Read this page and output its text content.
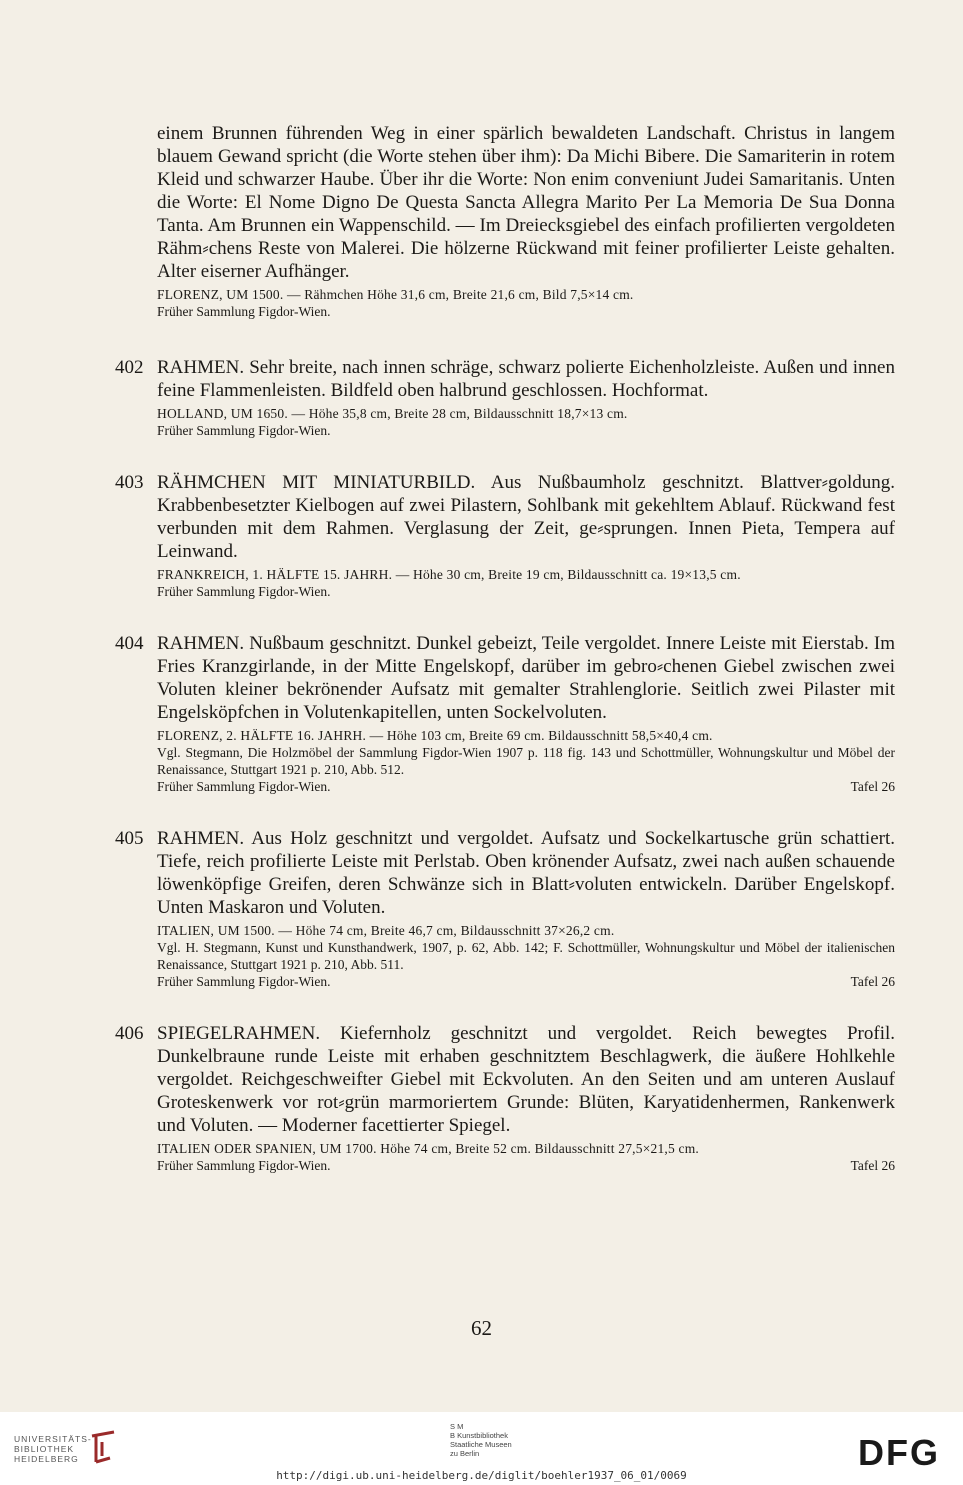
einem Brunnen führenden Weg in einer spärlich bewaldeten Landschaft. Christus in langem blauem Gewand spricht (die Worte stehen über ihm): Da Michi Bibere. Die Samariterin in rotem Kleid und schwarzer Haube. Über ihr die Worte: Non enim conveniunt Judei Samaritanis. Unten die Worte: El Nome Digno De Questa Sancta Allegra Marito Per La Memoria De Sua Donna Tanta. Am Brunnen ein Wappenschild. — Im Dreiecksgiebel des einfach profilierten vergoldeten Rähm⸗chens Reste von Malerei. Die hölzerne Rückwand mit feiner profilierter Leiste gehalten. Alter eiserner Aufhänger.

FLORENZ, UM 1500. — Rähmchen Höhe 31,6 cm, Breite 21,6 cm, Bild 7,5×14 cm.

Früher Sammlung Figdor-Wien.

402 RAHMEN. Sehr breite, nach innen schräge, schwarz polierte Eichenholzleiste. Außen und innen feine Flammenleisten. Bildfeld oben halbrund geschlossen. Hochformat.

HOLLAND, UM 1650. — Höhe 35,8 cm, Breite 28 cm, Bildausschnitt 18,7×13 cm.

Früher Sammlung Figdor-Wien.

403 RÄHMCHEN MIT MINIATURBILD. Aus Nußbaumholz geschnitzt. Blattver⸗goldung. Krabbenbesetzter Kielbogen auf zwei Pilastern, Sohlbank mit gekehltem Ablauf. Rückwand fest verbunden mit dem Rahmen. Verglasung der Zeit, ge⸗sprungen. Innen Pieta, Tempera auf Leinwand.

FRANKREICH, 1. HÄLFTE 15. JAHRH. — Höhe 30 cm, Breite 19 cm, Bildausschnitt ca. 19×13,5 cm.

Früher Sammlung Figdor-Wien.

404 RAHMEN. Nußbaum geschnitzt. Dunkel gebeizt, Teile vergoldet. Innere Leiste mit Eierstab. Im Fries Kranzgirlande, in der Mitte Engelskopf, darüber im gebro⸗chenen Giebel zwischen zwei Voluten kleiner bekrönender Aufsatz mit gemalter Strahlenglorie. Seitlich zwei Pilaster mit Engelsköpfchen in Volutenkapitellen, unten Sockelvoluten.

FLORENZ, 2. HÄLFTE 16. JAHRH. — Höhe 103 cm, Breite 69 cm. Bildausschnitt 58,5×40,4 cm.

Vgl. Stegmann, Die Holzmöbel der Sammlung Figdor-Wien 1907 p. 118 fig. 143 und Schottmüller, Wohnungskultur und Möbel der Renaissance, Stuttgart 1921 p. 210, Abb. 512.

Früher Sammlung Figdor-Wien.	Tafel 26
405 RAHMEN. Aus Holz geschnitzt und vergoldet. Aufsatz und Sockelkartusche grün schattiert. Tiefe, reich profilierte Leiste mit Perlstab. Oben krönender Aufsatz, zwei nach außen schauende löwenköpfige Greifen, deren Schwänze sich in Blatt⸗voluten entwickeln. Darüber Engelskopf. Unten Maskaron und Voluten.

ITALIEN, UM 1500. — Höhe 74 cm, Breite 46,7 cm, Bildausschnitt 37×26,2 cm.

Vgl. H. Stegmann, Kunst und Kunsthandwerk, 1907, p. 62, Abb. 142; F. Schottmüller, Wohnungskultur und Möbel der italienischen Renaissance, Stuttgart 1921 p. 210, Abb. 511.

Früher Sammlung Figdor-Wien.	Tafel 26
406 SPIEGELRAHMEN. Kiefernholz geschnitzt und vergoldet. Reich bewegtes Profil. Dunkelbraune runde Leiste mit erhaben geschnitztem Beschlagwerk, die äußere Hohlkehle vergoldet. Reichgeschweifter Giebel mit Eckvoluten. An den Seiten und am unteren Auslauf Groteskenwerk vor rot⸗grün marmoriertem Grunde: Blüten, Karyatidenhermen, Rankenwerk und Voluten. — Moderner facettierter Spiegel.

ITALIEN ODER SPANIEN, UM 1700. Höhe 74 cm, Breite 52 cm. Bildausschnitt 27,5×21,5 cm.

Früher Sammlung Figdor-Wien.	Tafel 26
62
UNIVERSITÄTS-
BIBLIOTHEK
HEIDELBERG
S M
B Kunstbibliothek
Staatliche Museen
zu Berlin	DFG
http://digi.ub.uni-heidelberg.de/diglit/boehler1937_06_01/0069
